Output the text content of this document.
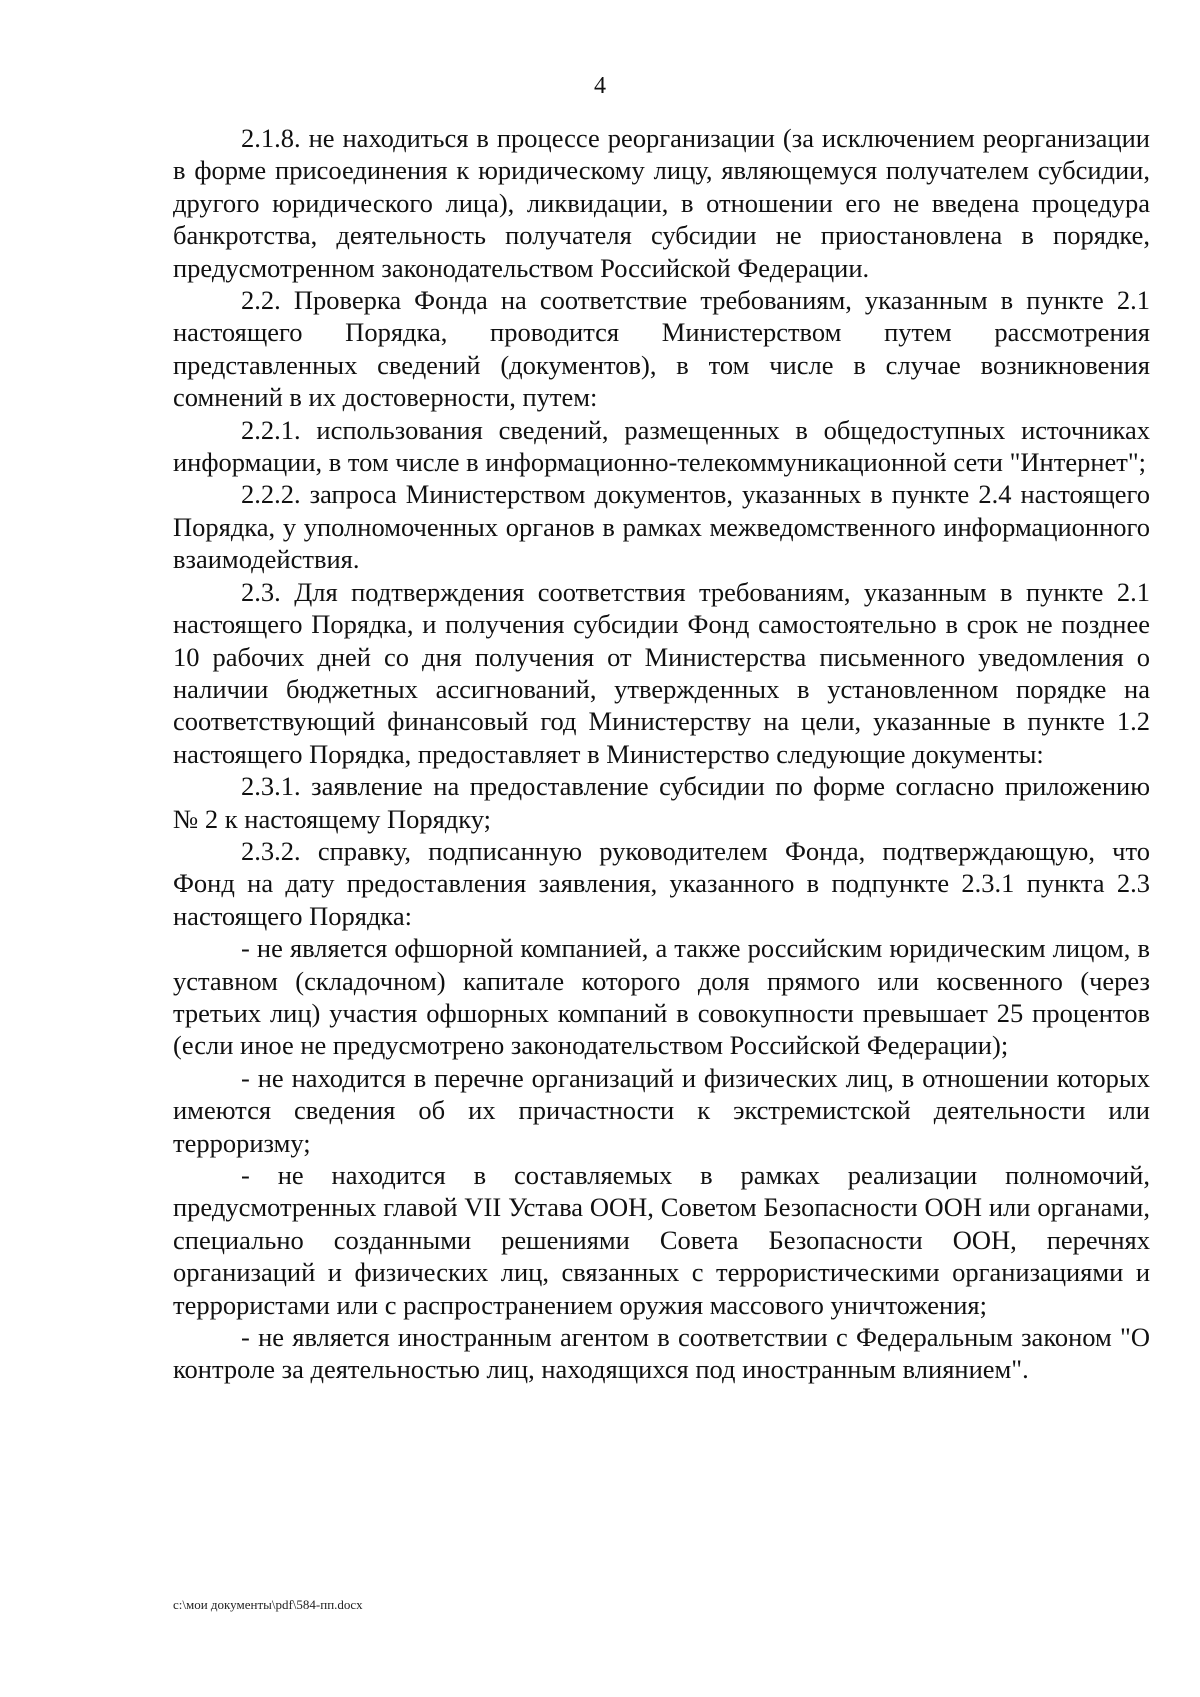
4

2.1.8. не находиться в процессе реорганизации (за исключением реорганизации в форме присоединения к юридическому лицу, являющемуся получателем субсидии, другого юридического лица), ликвидации, в отношении его не введена процедура банкротства, деятельность получателя субсидии не приостановлена в порядке, предусмотренном законодательством Российской Федерации.

2.2. Проверка Фонда на соответствие требованиям, указанным в пункте 2.1 настоящего Порядка, проводится Министерством путем рассмотрения представленных сведений (документов), в том числе в случае возникновения сомнений в их достоверности, путем:

2.2.1. использования сведений, размещенных в общедоступных источниках информации, в том числе в информационно-телекоммуникационной сети "Интернет";

2.2.2. запроса Министерством документов, указанных в пункте 2.4 настоящего Порядка, у уполномоченных органов в рамках межведомственного информационного взаимодействия.

2.3. Для подтверждения соответствия требованиям, указанным в пункте 2.1 настоящего Порядка, и получения субсидии Фонд самостоятельно в срок не позднее 10 рабочих дней со дня получения от Министерства письменного уведомления о наличии бюджетных ассигнований, утвержденных в установленном порядке на соответствующий финансовый год Министерству на цели, указанные в пункте 1.2 настоящего Порядка, предоставляет в Министерство следующие документы:

2.3.1. заявление на предоставление субсидии по форме согласно приложению № 2 к настоящему Порядку;

2.3.2. справку, подписанную руководителем Фонда, подтверждающую, что Фонд на дату предоставления заявления, указанного в подпункте 2.3.1 пункта 2.3 настоящего Порядка:

- не является офшорной компанией, а также российским юридическим лицом, в уставном (складочном) капитале которого доля прямого или косвенного (через третьих лиц) участия офшорных компаний в совокупности превышает 25 процентов (если иное не предусмотрено законодательством Российской Федерации);

- не находится в перечне организаций и физических лиц, в отношении которых имеются сведения об их причастности к экстремистской деятельности или терроризму;

- не находится в составляемых в рамках реализации полномочий, предусмотренных главой VII Устава ООН, Советом Безопасности ООН или органами, специально созданными решениями Совета Безопасности ООН, перечнях организаций и физических лиц, связанных с террористическими организациями и террористами или с распространением оружия массового уничтожения;

- не является иностранным агентом в соответствии с Федеральным законом "О контроле за деятельностью лиц, находящихся под иностранным влиянием".

c:\мои документы\pdf\584-пп.docx
